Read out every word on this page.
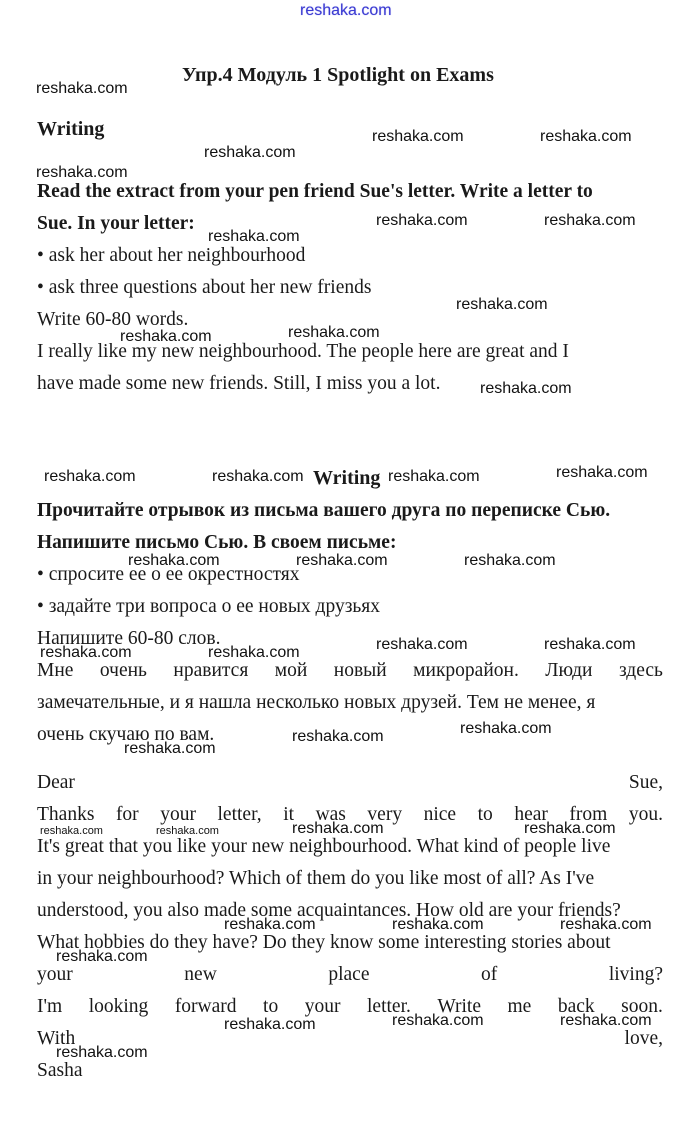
reshaka.com
Упр.4 Модуль 1 Spotlight on Exams
Writing
Read the extract from your pen friend Sue's letter. Write a letter to
Sue. In your letter:
• ask her about her neighbourhood
• ask three questions about her new friends
Write 60-80 words.
I really like my new neighbourhood. The people here are great and I
have made some new friends. Still, I miss you a lot.
Writing
Прочитайте отрывок из письма вашего друга по переписке Сью.
Напишите письмо Сью. В своем письме:
• спросите ее о ее окрестностях
• задайте три вопроса о ее новых друзьях
Напишите 60-80 слов.
Мне очень нравится мой новый микрорайон. Люди здесь
замечательные, и я нашла несколько новых друзей. Тем не менее, я
очень скучаю по вам.
Dear	Sue,
Thanks for your letter, it was very nice to hear from you.
It's great that you like your new neighbourhood. What kind of people live
in your neighbourhood? Which of them do you like most of all? As I've
understood, you also made some acquaintances. How old are your friends?
What hobbies do they have? Do they know some interesting stories about
your	new	place	of	living?
I'm looking forward to your letter. Write me back soon.
With	love,
Sasha
reshaka.com
reshaka.com	reshaka.com
reshaka.com
reshaka.com
reshaka.com	reshaka.com
reshaka.com
reshaka.com
reshaka.com
reshaka.com
reshaka.com
reshaka.com	reshaka.com	reshaka.com	reshaka.com
reshaka.com	reshaka.com	reshaka.com
reshaka.com	reshaka.com
reshaka.com	reshaka.com
reshaka.com
reshaka.com
reshaka.com
reshaka.com	reshaka.com	reshaka.com	reshaka.com
reshaka.com	reshaka.com	reshaka.com
reshaka.com
reshaka.com	reshaka.com
reshaka.com
reshaka.com
